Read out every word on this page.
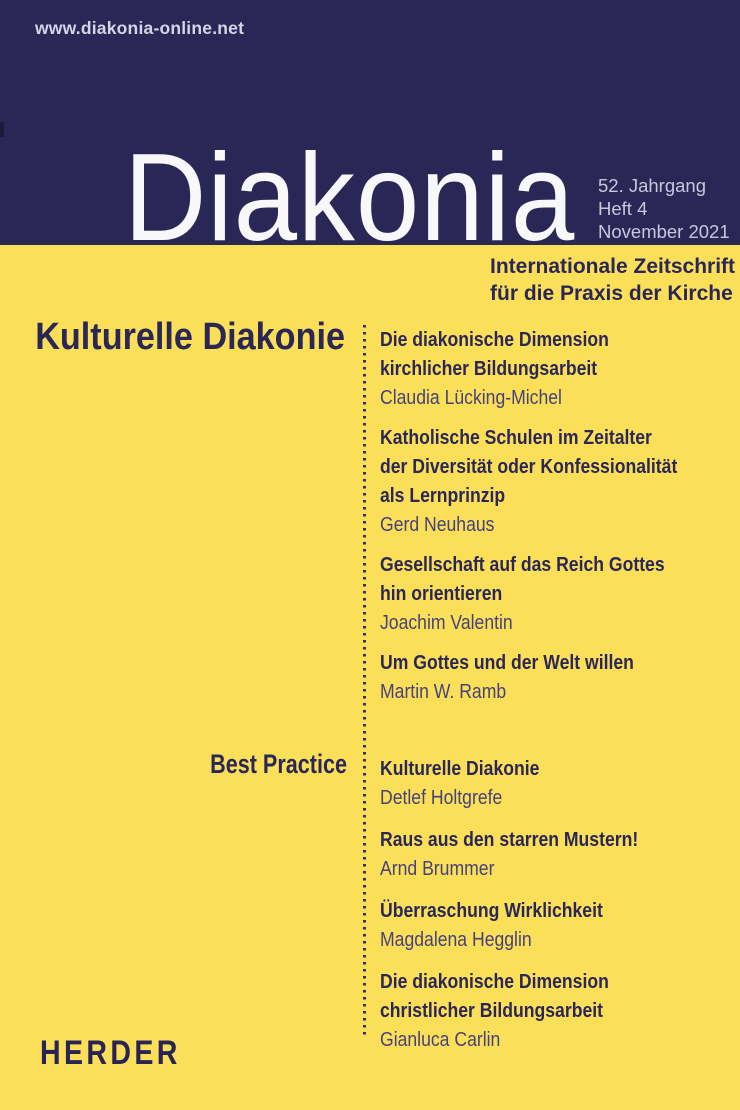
www.diakonia-online.net
Diakonia 52. Jahrgang
Heft 4
November 2021
Internationale Zeitschrift
für die Praxis der Kirche
Kulturelle Diakonie
Best Practice
Die diakonische Dimension
kirchlicher Bildungsarbeit
Claudia Lücking-Michel
Katholische Schulen im Zeitalter
der Diversität oder Konfessionalität
als Lernprinzip
Gerd Neuhaus
Gesellschaft auf das Reich Gottes
hin orientieren
Joachim Valentin
Um Gottes und der Welt willen
Martin W. Ramb
Kulturelle Diakonie
Detlef Holtgrefe
Raus aus den starren Mustern!
Arnd Brummer
Überraschung Wirklichkeit
Magdalena Hegglin
Die diakonische Dimension
christlicher Bildungsarbeit
Gianluca Carlin
HERDER
